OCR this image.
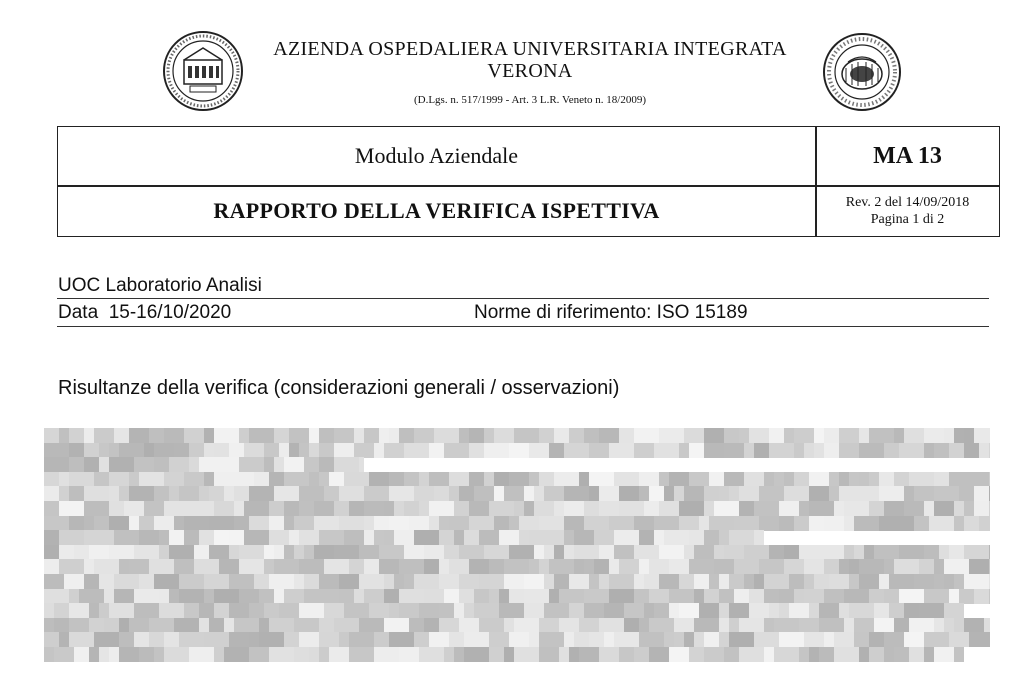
AZIENDA OSPEDALIERA UNIVERSITARIA INTEGRATA
VERONA
(D.Lgs. n. 517/1999 - Art. 3 L.R. Veneto n. 18/2009)
Modulo Aziendale	MA 13
RAPPORTO DELLA VERIFICA ISPETTIVA	Rev. 2 del 14/09/2018
Pagina 1 di 2
UOC Laboratorio Analisi
Data  15-16/10/2020	Norme di riferimento: ISO 15189
Risultanze della verifica (considerazioni generali / osservazioni)
